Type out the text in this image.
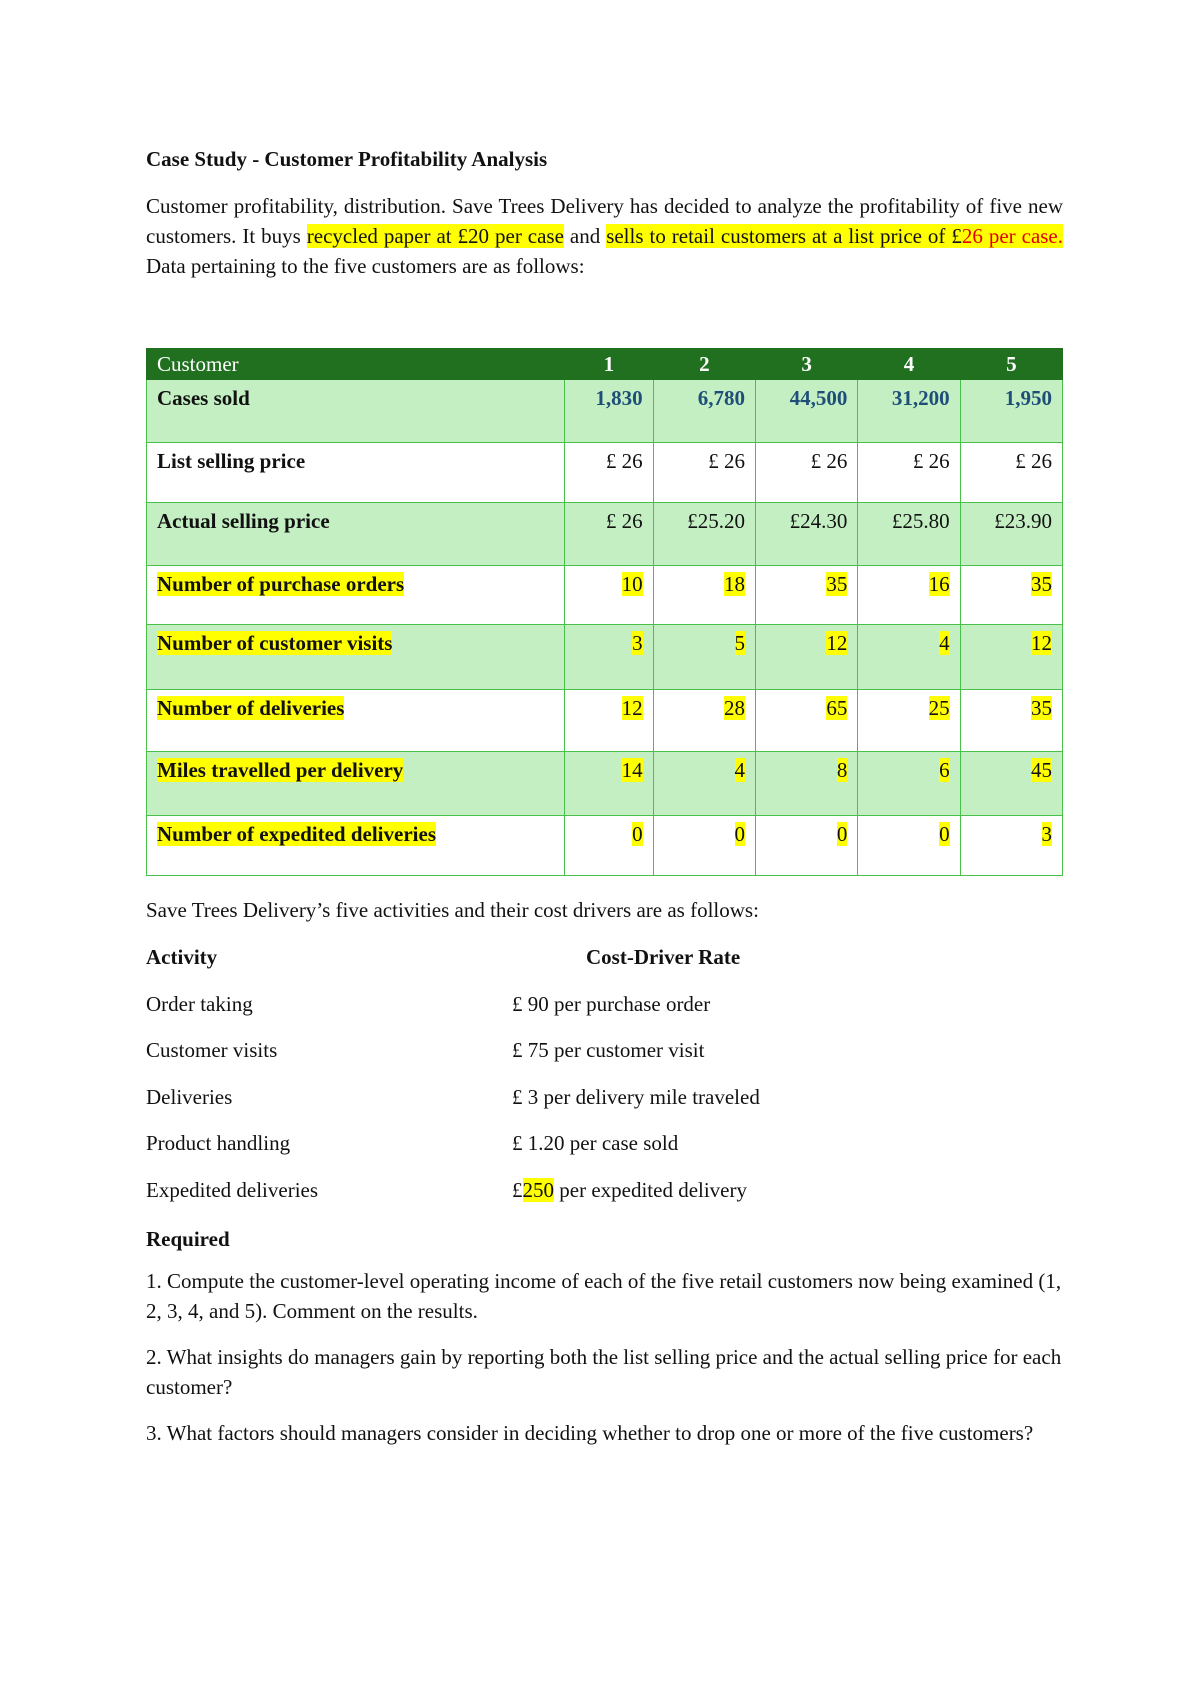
Case Study - Customer Profitability Analysis
Customer profitability, distribution. Save Trees Delivery has decided to analyze the profitability of five new customers. It buys recycled paper at £20 per case and sells to retail customers at a list price of £26 per case. Data pertaining to the five customers are as follows:
Customer	1	2	3	4	5
Cases sold	1,830	6,780	44,500	31,200	1,950
List selling price	£ 26	£ 26	£ 26	£ 26	£ 26
Actual selling price	£ 26	£25.20	£24.30	£25.80	£23.90
Number of purchase orders	10	18	35	16	35
Number of customer visits	3	5	12	4	12
Number of deliveries	12	28	65	25	35
Miles travelled per delivery	14	4	8	6	45
Number of expedited deliveries	0	0	0	0	3
Save Trees Delivery’s five activities and their cost drivers are as follows:
Activity	Cost-Driver Rate
Order taking	£ 90 per purchase order
Customer visits	£ 75 per customer visit
Deliveries	£ 3 per delivery mile traveled
Product handling	£ 1.20 per case sold
Expedited deliveries	£250 per expedited delivery
Required
1. Compute the customer-level operating income of each of the five retail customers now being examined (1, 2, 3, 4, and 5). Comment on the results.
2. What insights do managers gain by reporting both the list selling price and the actual selling price for each customer?
3. What factors should managers consider in deciding whether to drop one or more of the five customers?
